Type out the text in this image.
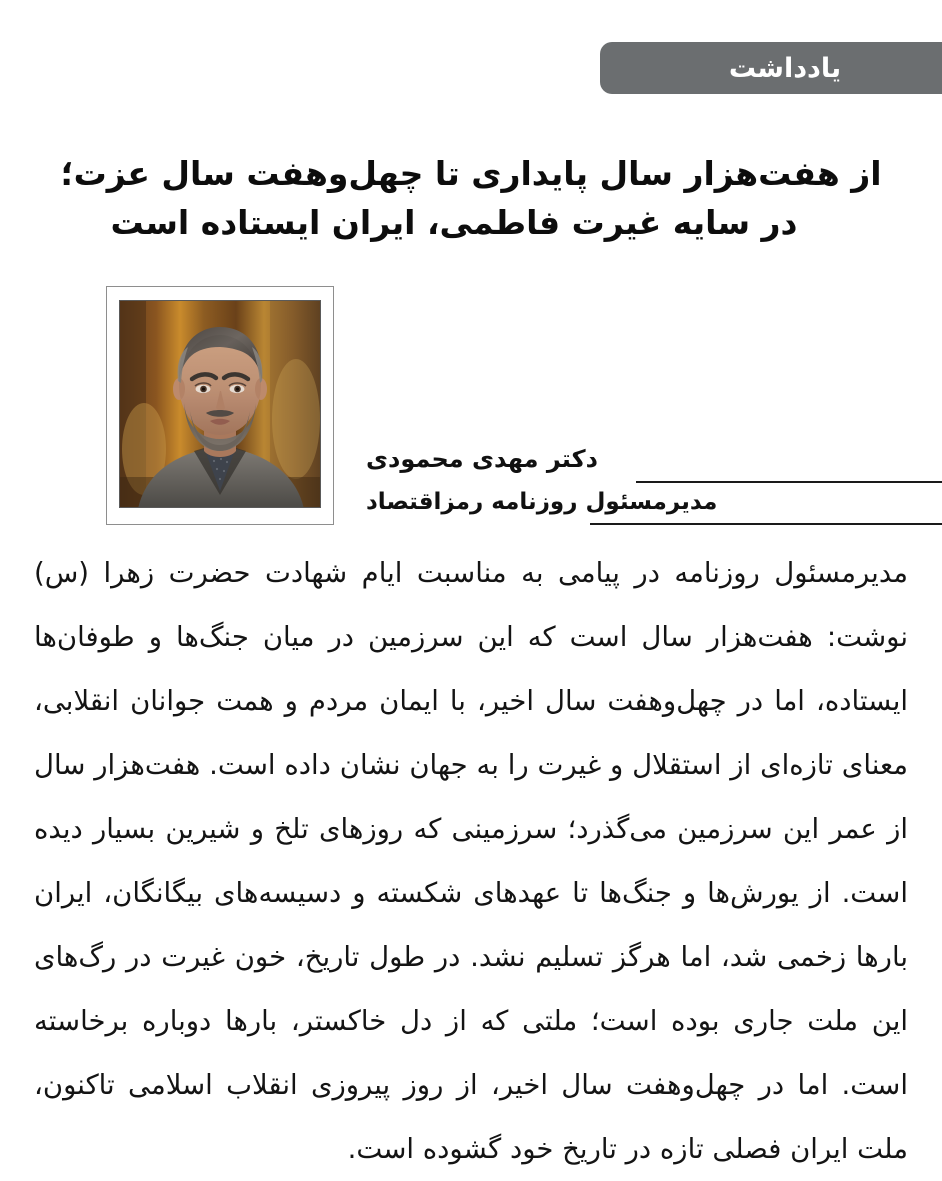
یادداشت
از هفت‌هزار سال پایداری تا چهل‌وهفت سال عزت؛
در سایه غیرت فاطمی، ایران ایستاده است
دکتر مهدی محمودی
مدیرمسئول روزنامه رمزاقتصاد

مدیرمسئول روزنامه در پیامی به مناسبت ایام شهادت حضرت زهرا (س) نوشت: هفت‌هزار سال است که این سرزمین در میان جنگ‌ها و طوفان‌ها ایستاده، اما در چهل‌وهفت سال اخیر، با ایمان مردم و همت جوانان انقلابی، معنای تازه‌ای از استقلال و غیرت را به جهان نشان داده است. هفت‌هزار سال از عمر این سرزمین می‌گذرد؛ سرزمینی که روزهای تلخ و شیرین بسیار دیده است. از یورش‌ها و جنگ‌ها تا عهدهای شکسته و دسیسه‌های بیگانگان، ایران بارها زخمی شد، اما هرگز تسلیم نشد. در طول تاریخ، خون غیرت در رگ‌های این ملت جاری بوده است؛ ملتی که از دل خاکستر، بارها دوباره برخاسته است. اما در چهل‌وهفت سال اخیر، از روز پیروزی انقلاب اسلامی تاکنون، ملت ایران فصلی تازه در تاریخ خود گشوده است.
